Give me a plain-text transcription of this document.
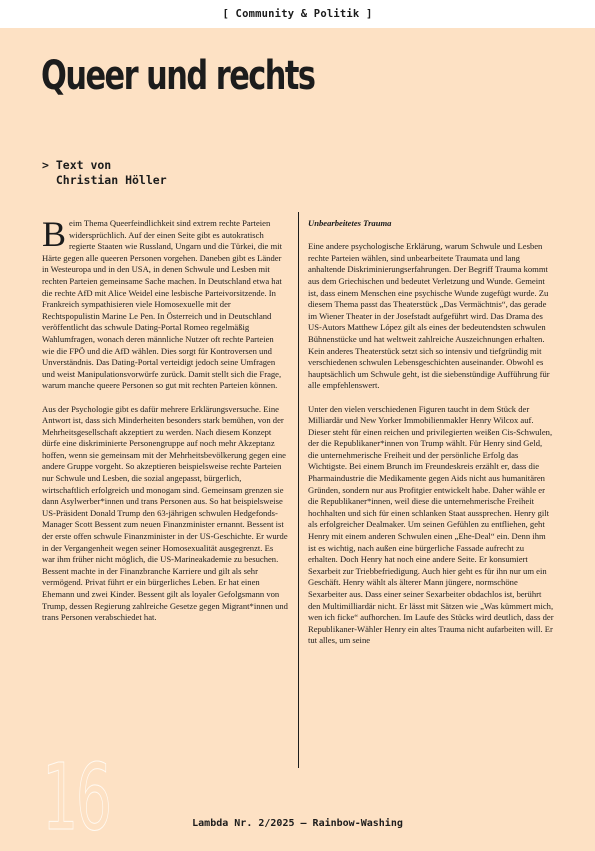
[ Community & Politik ]
Queer und rechts
> Text von
Christian Höller

Beim Thema Queerfeindlichkeit sind extrem rechte Parteien widersprüchlich. Auf der einen Seite gibt es autokratisch regierte Staaten wie Russland, Ungarn und die Türkei, die mit Härte gegen alle queeren Personen vorgehen. Daneben gibt es Länder in Westeuropa und in den USA, in denen Schwule und Lesben mit rechten Parteien gemeinsame Sache machen. In Deutschland etwa hat die rechte AfD mit Alice Weidel eine lesbische Parteivorsitzende. In Frankreich sympathisieren viele Homosexuelle mit der Rechtspopulistin Marine Le Pen. In Österreich und in Deutschland veröffentlicht das schwule Dating-Portal Romeo regelmäßig Wahlumfragen, wonach deren männliche Nutzer oft rechte Parteien wie die FPÖ und die AfD wählen. Dies sorgt für Kontroversen und Unverständnis. Das Dating-Portal verteidigt jedoch seine Umfragen und weist Manipulationsvorwürfe zurück. Damit stellt sich die Frage, warum manche queere Personen so gut mit rechten Parteien können.

Aus der Psychologie gibt es dafür mehrere Erklärungsversuche. Eine Antwort ist, dass sich Minderheiten besonders stark bemühen, von der Mehrheitsgesellschaft akzeptiert zu werden. Nach diesem Konzept dürfe eine diskriminierte Personengruppe auf noch mehr Akzeptanz hoffen, wenn sie gemeinsam mit der Mehrheitsbevölkerung gegen eine andere Gruppe vorgeht. So akzeptieren beispielsweise rechte Parteien nur Schwule und Lesben, die sozial angepasst, bürgerlich, wirtschaftlich erfolgreich und monogam sind. Gemeinsam grenzen sie dann Asylwerber*innen und trans Personen aus. So hat beispielsweise US-Präsident Donald Trump den 63-jährigen schwulen Hedgefonds-Manager Scott Bessent zum neuen Finanzminister ernannt. Bessent ist der erste offen schwule Finanzminister in der US-Geschichte. Er wurde in der Vergangenheit wegen seiner Homosexualität ausgegrenzt. Es war ihm früher nicht möglich, die US-Marineakademie zu besuchen. Bessent machte in der Finanzbranche Karriere und gilt als sehr vermögend. Privat führt er ein bürgerliches Leben. Er hat einen Ehemann und zwei Kinder. Bessent gilt als loyaler Gefolgsmann von Trump, dessen Regierung zahlreiche Gesetze gegen Migrant*innen und trans Personen verabschiedet hat.

Unbearbeitetes Trauma

Eine andere psychologische Erklärung, warum Schwule und Lesben rechte Parteien wählen, sind unbearbeitete Traumata und lang anhaltende Diskriminierungserfahrungen. Der Begriff Trauma kommt aus dem Griechischen und bedeutet Verletzung und Wunde. Gemeint ist, dass einem Menschen eine psychische Wunde zugefügt wurde. Zu diesem Thema passt das Theaterstück „Das Vermächtnis“, das gerade im Wiener Theater in der Josefstadt aufgeführt wird. Das Drama des US-Autors Matthew López gilt als eines der bedeutendsten schwulen Bühnenstücke und hat weltweit zahlreiche Auszeichnungen erhalten. Kein anderes Theaterstück setzt sich so intensiv und tiefgründig mit verschiedenen schwulen Lebensgeschichten auseinander. Obwohl es hauptsächlich um Schwule geht, ist die siebenstündige Aufführung für alle empfehlenswert.

Unter den vielen verschiedenen Figuren taucht in dem Stück der Milliardär und New Yorker Immobilienmakler Henry Wilcox auf. Dieser steht für einen reichen und privilegierten weißen Cis-Schwulen, der die Republikaner*innen von Trump wählt. Für Henry sind Geld, die unternehmerische Freiheit und der persönliche Erfolg das Wichtigste. Bei einem Brunch im Freundeskreis erzählt er, dass die Pharmaindustrie die Medikamente gegen Aids nicht aus humanitären Gründen, sondern nur aus Profitgier entwickelt habe. Daher wähle er die Republikaner*innen, weil diese die unternehmerische Freiheit hochhalten und sich für einen schlanken Staat aussprechen. Henry gilt als erfolgreicher Dealmaker. Um seinen Gefühlen zu entfliehen, geht Henry mit einem anderen Schwulen einen „Ehe-Deal“ ein. Denn ihm ist es wichtig, nach außen eine bürgerliche Fassade aufrecht zu erhalten. Doch Henry hat noch eine andere Seite. Er konsumiert Sexarbeit zur Triebbefriedigung. Auch hier geht es für ihn nur um ein Geschäft. Henry wählt als älterer Mann jüngere, normschöne Sexarbeiter aus. Dass einer seiner Sexarbeiter obdachlos ist, berührt den Multimilliardär nicht. Er lässt mit Sätzen wie „Was kümmert mich, wen ich ficke“ aufhorchen. Im Laufe des Stücks wird deutlich, dass der Republikaner-Wähler Henry ein altes Trauma nicht aufarbeiten will. Er tut alles, um seine

16	Lambda Nr. 2/2025 — Rainbow-Washing
